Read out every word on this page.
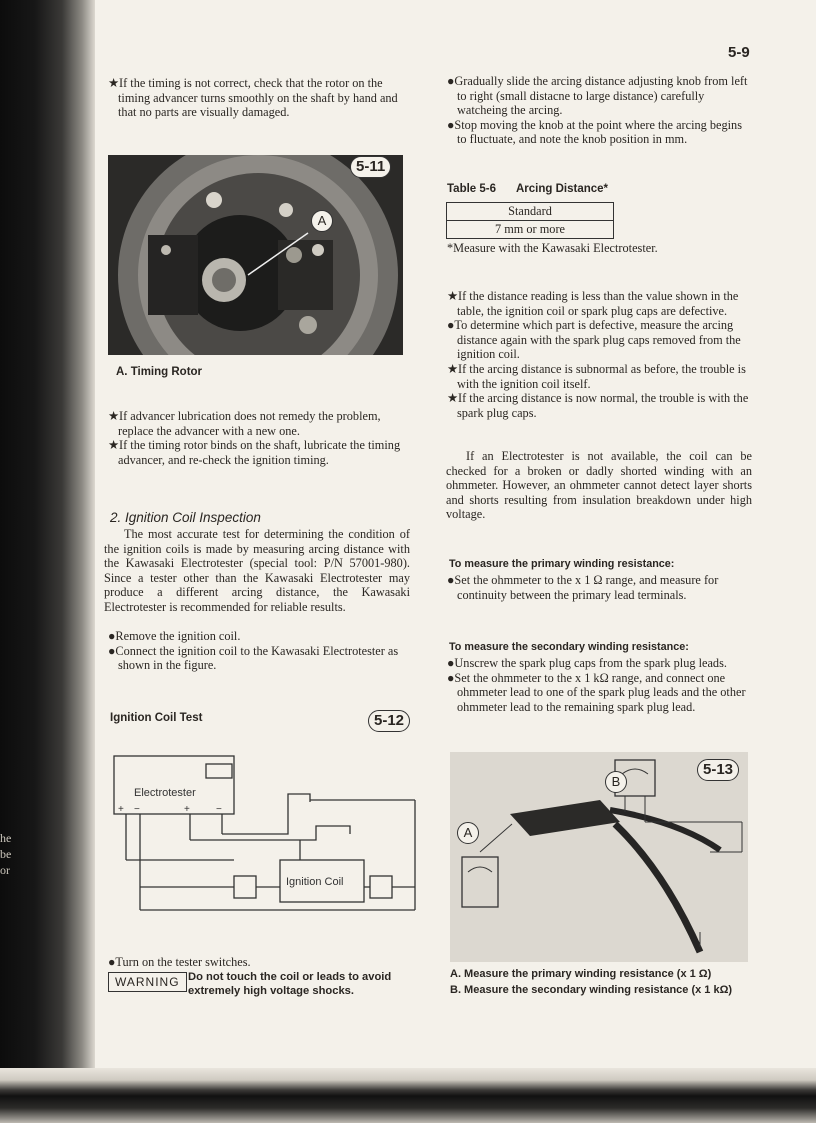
he
be
or
5-9

★If the timing is not correct, check that the rotor on the timing advancer turns smoothly on the shaft by hand and that no parts are visually damaged.

5-11
A
A. Timing Rotor

★If advancer lubrication does not remedy the problem, replace the advancer with a new one.

★If the timing rotor binds on the shaft, lubricate the timing advancer, and re-check the ignition timing.

2. Ignition Coil Inspection
The most accurate test for determining the condition of the ignition coils is made by measuring arcing distance with the Kawasaki Electrotester (special tool: P/N 57001-980). Since a tester other than the Kawasaki Electrotester may produce a different arcing distance, the Kawasaki Electrotester is recommended for reliable results.

●Remove the ignition coil.

●Connect the ignition coil to the Kawasaki Electrotester as shown in the figure.

Ignition Coil Test	5-12
Electrotester
+ −	+	−
Ignition Coil
●Turn on the tester switches.
WARNING Do not touch the coil or leads to avoid extremely high voltage shocks.

●Gradually slide the arcing distance adjusting knob from left to right (small distacne to large distance) carefully watcheing the arcing.

●Stop moving the knob at the point where the arcing begins to fluctuate, and note the knob position in mm.

Table 5-6 Arcing Distance*
Standard
7 mm or more
*Measure with the Kawasaki Electrotester.

★If the distance reading is less than the value shown in the table, the ignition coil or spark plug caps are defective.

●To determine which part is defective, measure the arcing distance again with the spark plug caps removed from the ignition coil.

★If the arcing distance is subnormal as before, the trouble is with the ignition coil itself.

★If the arcing distance is now normal, the trouble is with the spark plug caps.

If an Electrotester is not available, the coil can be checked for a broken or dadly shorted winding with an ohmmeter. However, an ohmmeter cannot detect layer shorts and shorts resulting from insulation breakdown under high voltage.
To measure the primary winding resistance:

●Set the ohmmeter to the x 1 Ω range, and measure for continuity between the primary lead terminals.

To measure the secondary winding resistance:

●Unscrew the spark plug caps from the spark plug leads.

●Set the ohmmeter to the x 1 kΩ range, and connect one ohmmeter lead to one of the spark plug leads and the other ohmmeter lead to the remaining spark plug lead.

5-13
B
A
A. Measure the primary winding resistance (x 1 Ω)
B. Measure the secondary winding resistance (x 1 kΩ)
